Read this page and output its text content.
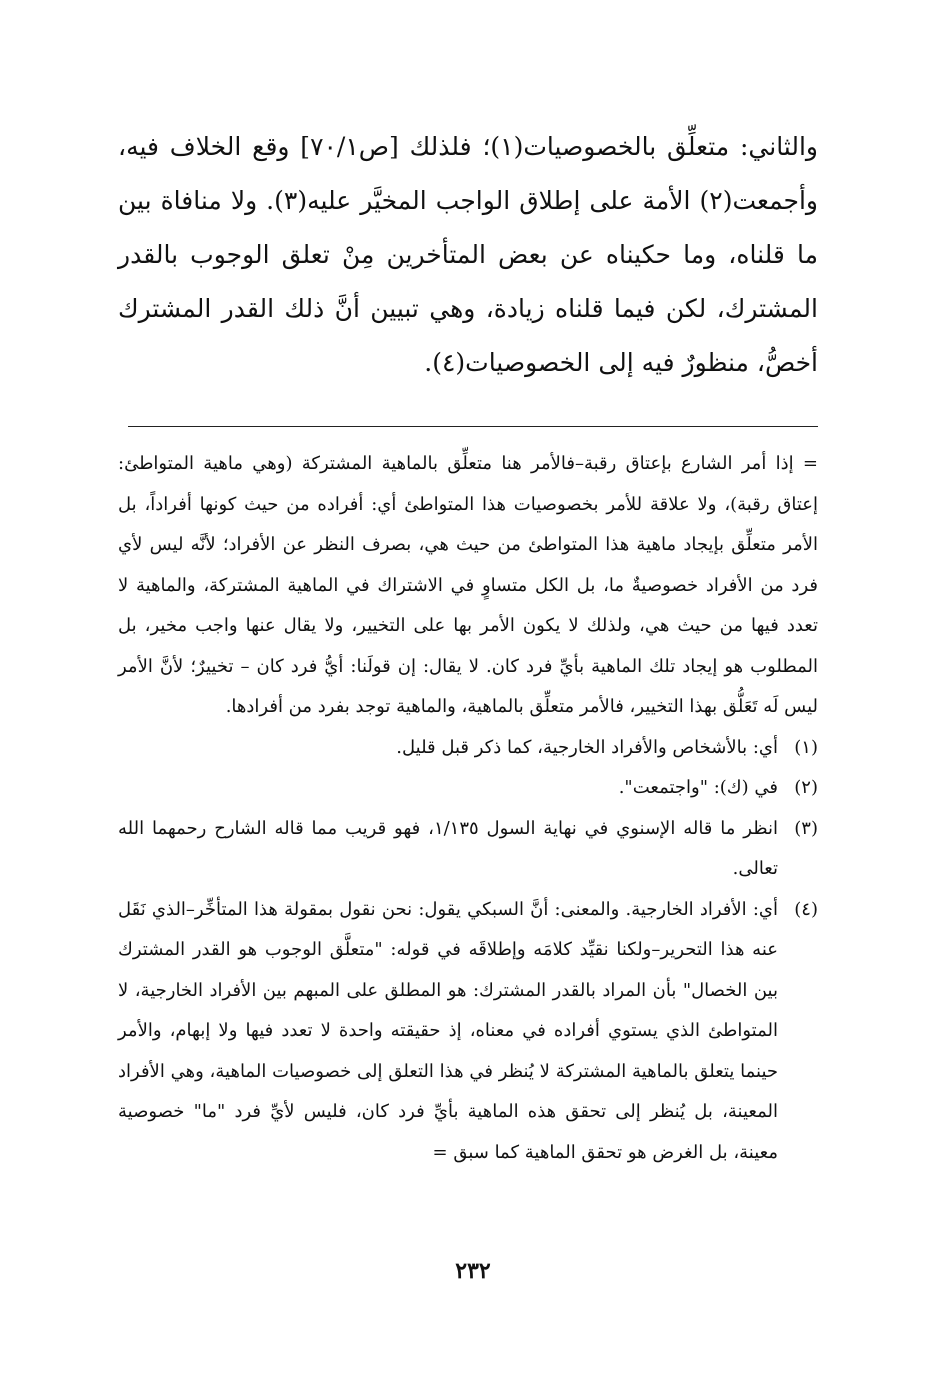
والثاني: متعلِّق بالخصوصيات(١)؛ فلذلك [ص٧٠/١] وقع الخلاف فيه، وأجمعت(٢) الأمة على إطلاق الواجب المخيَّر عليه(٣). ولا منافاة بين ما قلناه، وما حكيناه عن بعض المتأخرين مِنْ تعلق الوجوب بالقدر المشترك، لكن فيما قلناه زيادة، وهي تبيين أنَّ ذلك القدر المشترك أخصُّ، منظورٌ فيه إلى الخصوصيات(٤).

= إذا أمر الشارع بإعتاق رقبة–فالأمر هنا متعلِّق بالماهية المشتركة (وهي ماهية المتواطئ: إعتاق رقبة)، ولا علاقة للأمر بخصوصيات هذا المتواطئ أي: أفراده من حيث كونها أفراداً، بل الأمر متعلِّق بإيجاد ماهية هذا المتواطئ من حيث هي، بصرف النظر عن الأفراد؛ لأنَّه ليس لأي فرد من الأفراد خصوصيةٌ ما، بل الكل متساوٍ في الاشتراك في الماهية المشتركة، والماهية لا تعدد فيها من حيث هي، ولذلك لا يكون الأمر بها على التخيير، ولا يقال عنها واجب مخير، بل المطلوب هو إيجاد تلك الماهية بأيِّ فرد كان. لا يقال: إن قولَنا: أيُّ فرد كان – تخييرٌ؛ لأنَّ الأمر ليس لَه تَعَلُّق بهذا التخيير، فالأمر متعلِّق بالماهية، والماهية توجد بفرد من أفرادها.

(١)

أي: بالأشخاص والأفراد الخارجية، كما ذكر قبل قليل.

(٢)

في (ك): "واجتمعت".

(٣)

انظر ما قاله الإسنوي في نهاية السول ١/١٣٥، فهو قريب مما قاله الشارح رحمهما الله تعالى.

(٤)

أي: الأفراد الخارجية. والمعنى: أنَّ السبكي يقول: نحن نقول بمقولة هذا المتأخِّر–الذي نَقَل عنه هذا التحرير–ولكنا نقيِّد كلامَه وإطلاقَه في قوله: "متعلَّق الوجوب هو القدر المشترك بين الخصال" بأن المراد بالقدر المشترك: هو المطلق على المبهم بين الأفراد الخارجية، لا المتواطئ الذي يستوي أفراده في معناه، إذ حقيقته واحدة لا تعدد فيها ولا إبهام، والأمر حينما يتعلق بالماهية المشتركة لا يُنظر في هذا التعلق إلى خصوصيات الماهية، وهي الأفراد المعينة، بل يُنظر إلى تحقق هذه الماهية بأيِّ فرد كان، فليس لأيِّ فرد "ما" خصوصية معينة، بل الغرض هو تحقق الماهية كما سبق =

٢٣٢
